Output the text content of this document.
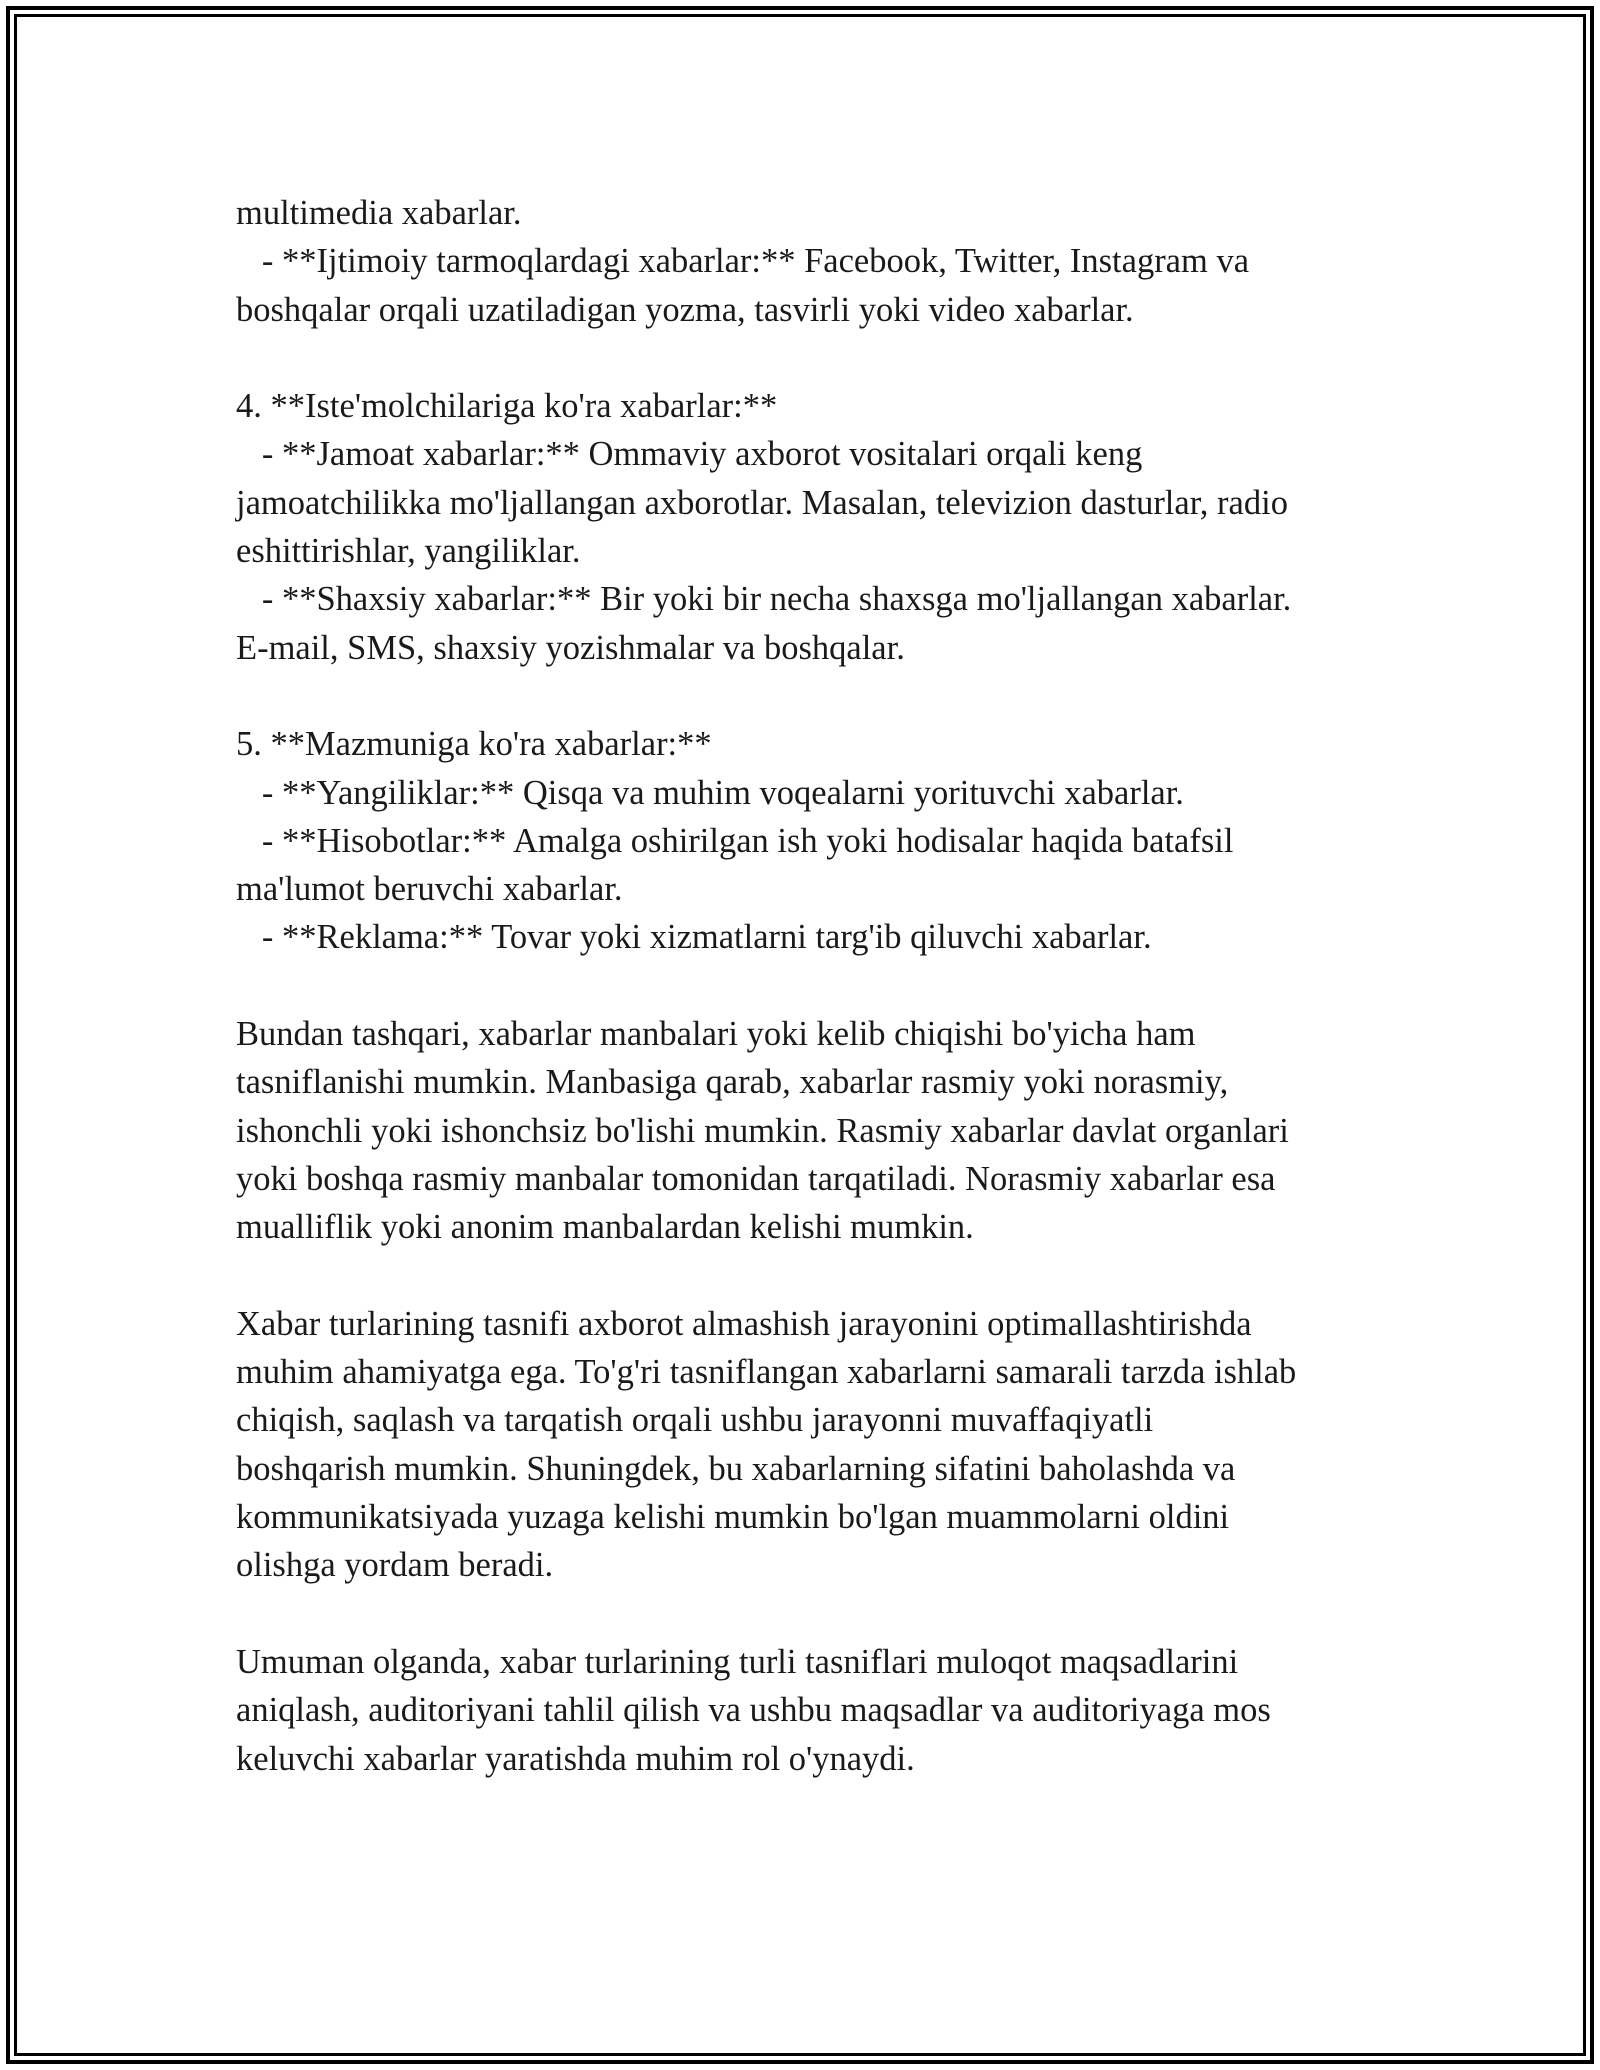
multimedia xabarlar.
- **Ijtimoiy tarmoqlardagi xabarlar:** Facebook, Twitter, Instagram va
boshqalar orqali uzatiladigan yozma, tasvirli yoki video xabarlar.
4. **Iste'molchilariga ko'ra xabarlar:**
- **Jamoat xabarlar:** Ommaviy axborot vositalari orqali keng
jamoatchilikka mo'ljallangan axborotlar. Masalan, televizion dasturlar, radio
eshittirishlar, yangiliklar.
- **Shaxsiy xabarlar:** Bir yoki bir necha shaxsga mo'ljallangan xabarlar.
E-mail, SMS, shaxsiy yozishmalar va boshqalar.
5. **Mazmuniga ko'ra xabarlar:**
- **Yangiliklar:** Qisqa va muhim voqealarni yorituvchi xabarlar.
- **Hisobotlar:** Amalga oshirilgan ish yoki hodisalar haqida batafsil
ma'lumot beruvchi xabarlar.
- **Reklama:** Tovar yoki xizmatlarni targ'ib qiluvchi xabarlar.
Bundan tashqari, xabarlar manbalari yoki kelib chiqishi bo'yicha ham
tasniflanishi mumkin. Manbasiga qarab, xabarlar rasmiy yoki norasmiy,
ishonchli yoki ishonchsiz bo'lishi mumkin. Rasmiy xabarlar davlat organlari
yoki boshqa rasmiy manbalar tomonidan tarqatiladi. Norasmiy xabarlar esa
mualliflik yoki anonim manbalardan kelishi mumkin.
Xabar turlarining tasnifi axborot almashish jarayonini optimallashtirishda
muhim ahamiyatga ega. To'g'ri tasniflangan xabarlarni samarali tarzda ishlab
chiqish, saqlash va tarqatish orqali ushbu jarayonni muvaffaqiyatli
boshqarish mumkin. Shuningdek, bu xabarlarning sifatini baholashda va
kommunikatsiyada yuzaga kelishi mumkin bo'lgan muammolarni oldini
olishga yordam beradi.
Umuman olganda, xabar turlarining turli tasniflari muloqot maqsadlarini
aniqlash, auditoriyani tahlil qilish va ushbu maqsadlar va auditoriyaga mos
keluvchi xabarlar yaratishda muhim rol o'ynaydi.
